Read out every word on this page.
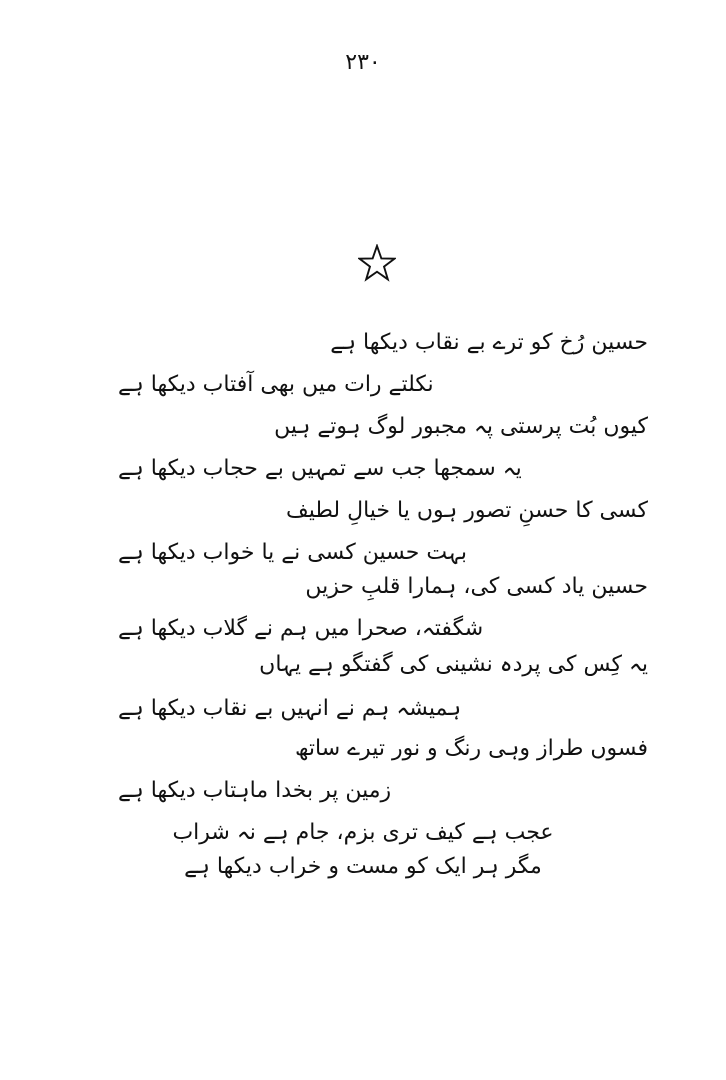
۲۳۰
حسین رُخ کو ترے بے نقاب دیکھا ہے
نکلتے رات میں بھی آفتاب دیکھا ہے
کیوں بُت پرستی پہ مجبور لوگ ہوتے ہیں
یہ سمجھا جب سے تمہیں بے حجاب دیکھا ہے
کسی کا حسنِ تصور ہوں یا خیالِ لطیف
بہت حسین کسی نے یا خواب دیکھا ہے
حسین یاد کسی کی، ہمارا قلبِ حزیں
شگفتہ، صحرا میں ہم نے گلاب دیکھا ہے
یہ کِس کی پردہ نشینی کی گفتگو ہے یہاں
ہمیشہ ہم نے انہیں بے نقاب دیکھا ہے
فسوں طراز وہی رنگ و نور تیرے ساتھ
زمین پر بخدا ماہتاب دیکھا ہے
عجب ہے کیف تری بزم، جام ہے نہ شراب
مگر ہر ایک کو مست و خراب دیکھا ہے
